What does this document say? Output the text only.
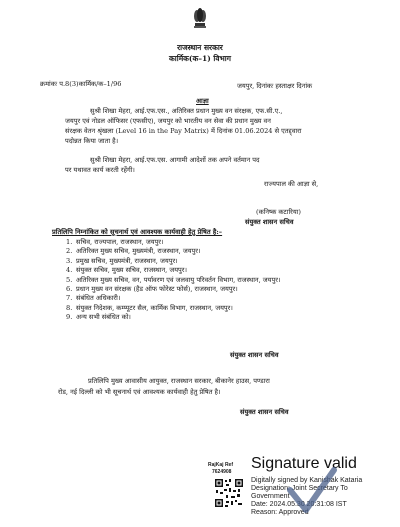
राजस्थान सरकार
कार्मिक(क–1) विभाग
क्रमांकः प.8(3)कार्मिक/क–1/96	जयपुर, दिनांकः हस्ताक्षर दिनांक
आज्ञा
सुश्री शिखा मेहरा, आई.एफ.एस., अतिरिक्त प्रधान मुख्य वन संरक्षक, एफ.सी.ए.,
जयपुर एवं नोडल ऑफिसर (एफसीए), जयपुर को भारतीय वन सेवा की प्रधान मुख्य वन
संरक्षक वेतन श्रृंखला (Level 16 in the Pay Matrix) में दिनांक 01.06.2024 से एतद्द्वारा
पदोन्नत किया जाता है।
सुश्री शिखा मेहरा, आई.एफ.एस. आगामी आदेशों तक अपने वर्तमान पद
पर यथावत कार्य करती रहेंगी।
राज्यपाल की आज्ञा से,
(कनिष्क कटारिया)
संयुक्त शासन सचिव
प्रतिलिपि निम्नांकित को सूचनार्थ एवं आवश्यक कार्यवाही हेतु प्रेषित है:–
1. सचिव, राज्यपाल, राजस्थान, जयपुर।
2. अतिरिक्त मुख्य सचिव, मुख्यमंत्री, राजस्थान, जयपुर।
3. प्रमुख सचिव, मुख्यमंत्री, राजस्थान, जयपुर।
4. संयुक्त सचिव, मुख्य सचिव, राजस्थान, जयपुर।
5. अतिरिक्त मुख्य सचिव, वन, पर्यावरण एवं जलवायु परिवर्तन विभाग, राजस्थान, जयपुर।
6. प्रधान मुख्य वन संरक्षक (हैड ऑफ फोरेस्ट फोर्स), राजस्थान, जयपुर।
7. संबंधित अधिकारी।
8. संयुक्त निदेशक, कम्प्यूटर सैल, कार्मिक विभाग, राजस्थान, जयपुर।
9. अन्य सभी संबंधित को।
संयुक्त शासन सचिव
प्रतिलिपि मुख्य आवासीय आयुक्त, राजस्थान सरकार, बीकानेर हाउस, पण्डारा
रोड, नई दिल्ली को भी सूचनार्थ एवं आवश्यक कार्यवाही हेतु प्रेषित है।
संयुक्त शासन सचिव
RajKaj Ref
7624908 Signature valid
Digitally signed by Kanishak Kataria
Designation: Joint Secretary To
Government
Date: 2024.05.30 20:31:08 IST
Reason: Approved
